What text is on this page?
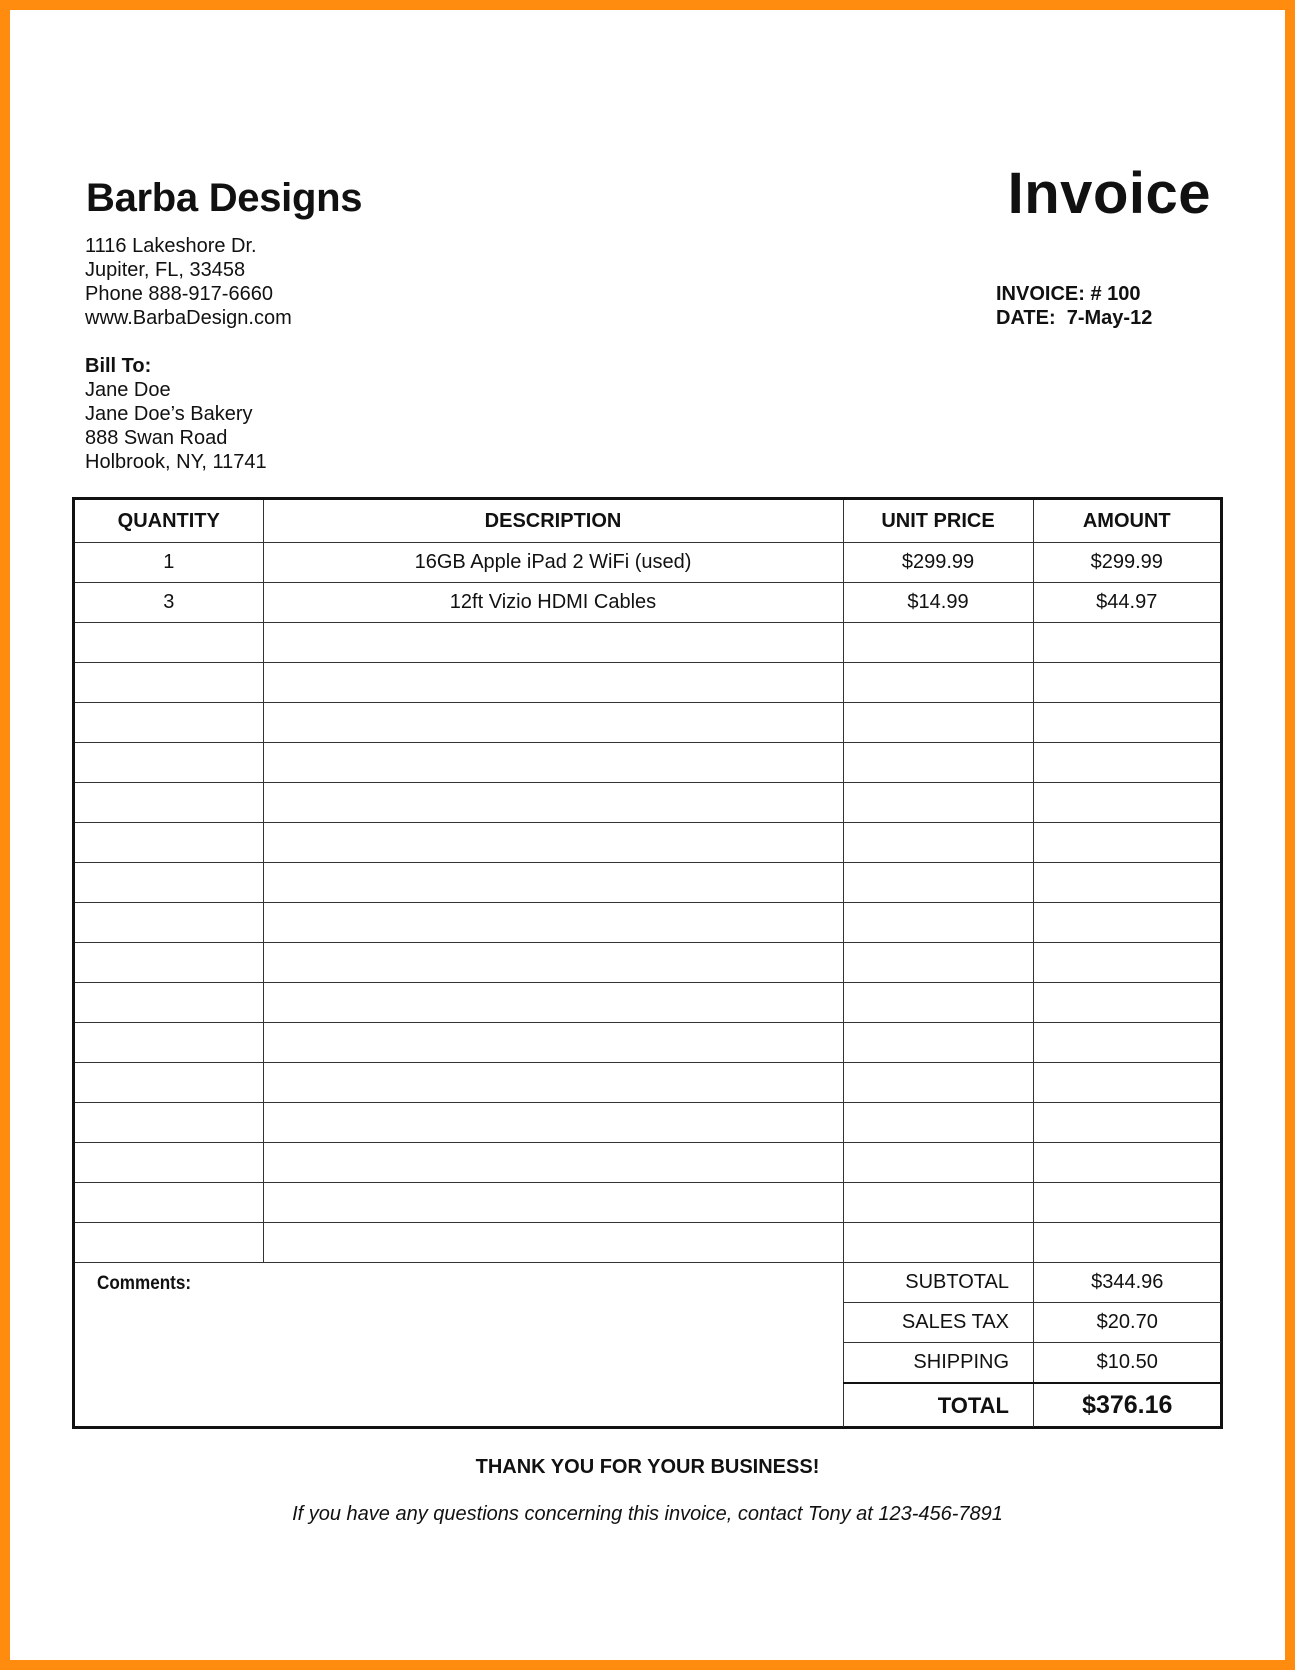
Barba Designs
1116 Lakeshore Dr.
Jupiter, FL, 33458
Phone 888-917-6660
www.BarbaDesign.com
Invoice
INVOICE: # 100
DATE:  7-May-12
Bill To:
Jane Doe
Jane Doe’s Bakery
888 Swan Road
Holbrook, NY, 11741
QUANTITY	DESCRIPTION	UNIT PRICE	AMOUNT
1	16GB Apple iPad 2 WiFi (used)	$299.99	$299.99
3	12ft Vizio HDMI Cables	$14.99	$44.97

Comments:	SUBTOTAL	$344.96
SALES TAX	$20.70
SHIPPING	$10.50
TOTAL	$376.16
THANK YOU FOR YOUR BUSINESS!
If you have any questions concerning this invoice, contact Tony at 123-456-7891
